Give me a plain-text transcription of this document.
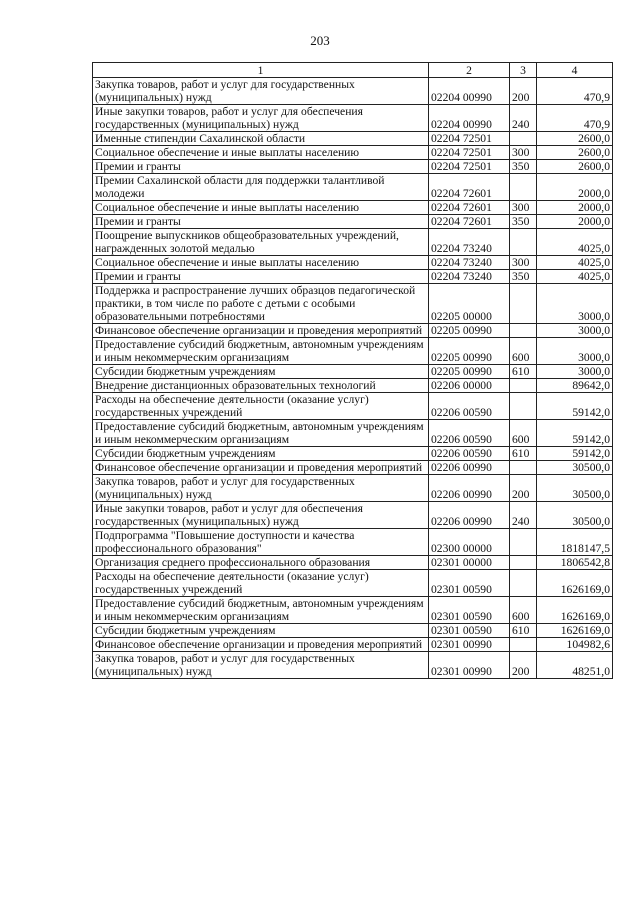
203
1	2	3	4
Закупка товаров, работ и услуг для государственных (муниципальных) нужд	02204 00990	200	470,9
Иные закупки товаров, работ и услуг для обеспечения государственных (муниципальных) нужд	02204 00990	240	470,9
Именные стипендии Сахалинской области	02204 72501		2600,0
Социальное обеспечение и иные выплаты населению	02204 72501	300	2600,0
Премии и гранты	02204 72501	350	2600,0
Премии Сахалинской области для поддержки талантливой молодежи	02204 72601		2000,0
Социальное обеспечение и иные выплаты населению	02204 72601	300	2000,0
Премии и гранты	02204 72601	350	2000,0
Поощрение выпускников общеобразовательных учреждений, награжденных золотой медалью	02204 73240		4025,0
Социальное обеспечение и иные выплаты населению	02204 73240	300	4025,0
Премии и гранты	02204 73240	350	4025,0
Поддержка и распространение лучших образцов педагогической практики, в том числе по работе с детьми с особыми образовательными потребностями	02205 00000		3000,0
Финансовое обеспечение организации и проведения мероприятий	02205 00990		3000,0
Предоставление субсидий бюджетным, автономным учреждениям и иным некоммерческим организациям	02205 00990	600	3000,0
Субсидии бюджетным учреждениям	02205 00990	610	3000,0
Внедрение дистанционных образовательных технологий	02206 00000		89642,0
Расходы на обеспечение деятельности (оказание услуг) государственных учреждений	02206 00590		59142,0
Предоставление субсидий бюджетным, автономным учреждениям и иным некоммерческим организациям	02206 00590	600	59142,0
Субсидии бюджетным учреждениям	02206 00590	610	59142,0
Финансовое обеспечение организации и проведения мероприятий	02206 00990		30500,0
Закупка товаров, работ и услуг для государственных (муниципальных) нужд	02206 00990	200	30500,0
Иные закупки товаров, работ и услуг для обеспечения государственных (муниципальных) нужд	02206 00990	240	30500,0
Подпрограмма "Повышение доступности и качества профессионального образования"	02300 00000		1818147,5
Организация среднего профессионального образования	02301 00000		1806542,8
Расходы на обеспечение деятельности (оказание услуг) государственных учреждений	02301 00590		1626169,0
Предоставление субсидий бюджетным, автономным учреждениям и иным некоммерческим организациям	02301 00590	600	1626169,0
Субсидии бюджетным учреждениям	02301 00590	610	1626169,0
Финансовое обеспечение организации и проведения мероприятий	02301 00990		104982,6
Закупка товаров, работ и услуг для государственных (муниципальных) нужд	02301 00990	200	48251,0
